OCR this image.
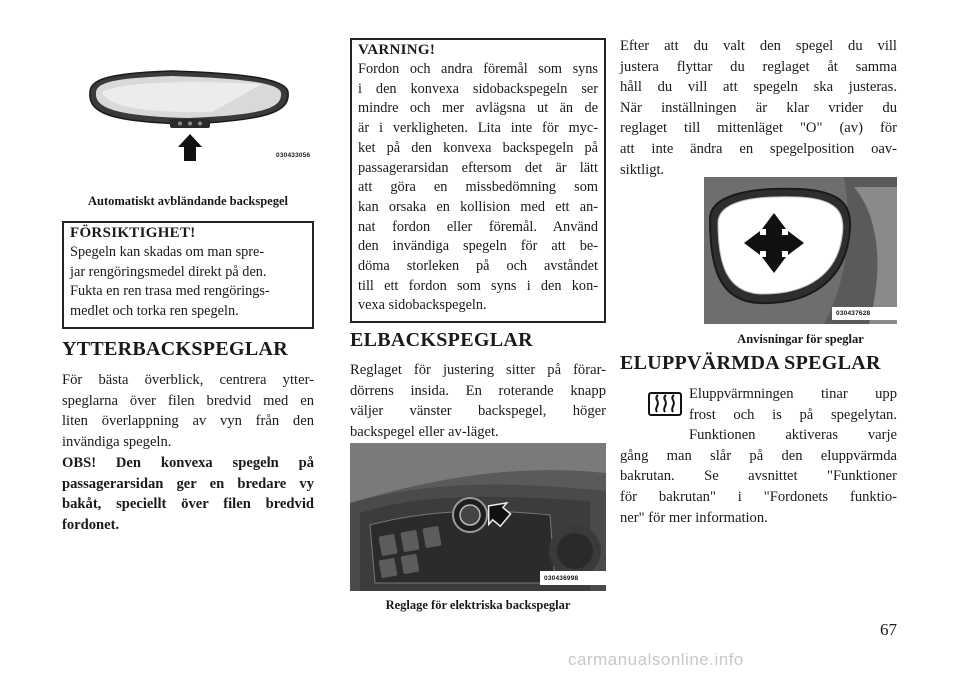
030433056

Automatiskt avbländande backspegel

FÖRSIKTIGHET!

Spegeln kan skadas om man spre-

jar rengöringsmedel direkt på den.

Fukta en ren trasa med rengörings-

medlet och torka ren spegeln.

YTTERBACKSPEGLAR

För bästa överblick, centrera ytter-

speglarna över filen bredvid med en

liten överlappning av vyn från den

invändiga spegeln.

OBS! Den konvexa spegeln på

passagerarsidan ger en bredare vy

bakåt, speciellt över filen bredvid

fordonet.

VARNING!

Fordon och andra föremål som syns

i den konvexa sidobackspegeln ser

mindre och mer avlägsna ut än de

är i verkligheten. Lita inte för myc-

ket på den konvexa backspegeln på

passagerarsidan eftersom det är lätt

att göra en missbedömning som

kan orsaka en kollision med ett an-

nat fordon eller föremål. Använd

den invändiga spegeln för att be-

döma storleken på och avståndet

till ett fordon som syns i den kon-

vexa sidobackspegeln.

ELBACKSPEGLAR

Reglaget för justering sitter på förar-

dörrens insida. En roterande knapp

väljer vänster backspegel, höger

backspegel eller av-läget.

030436998

Reglage för elektriska backspeglar

Efter att du valt den spegel du vill

justera flyttar du reglaget åt samma

håll du vill att spegeln ska justeras.

När inställningen är klar vrider du

reglaget till mittenläget "O" (av) för

att inte ändra en spegelposition oav-

siktligt.

030437628

Anvisningar för speglar

ELUPPVÄRMDA SPEGLAR

Eluppvärmningen tinar upp

frost och is på spegelytan.

Funktionen aktiveras varje

gång man slår på den eluppvärmda

bakrutan. Se avsnittet "Funktioner

för bakrutan" i "Fordonets funktio-

ner" för mer information.

67
carmanualsonline.info
